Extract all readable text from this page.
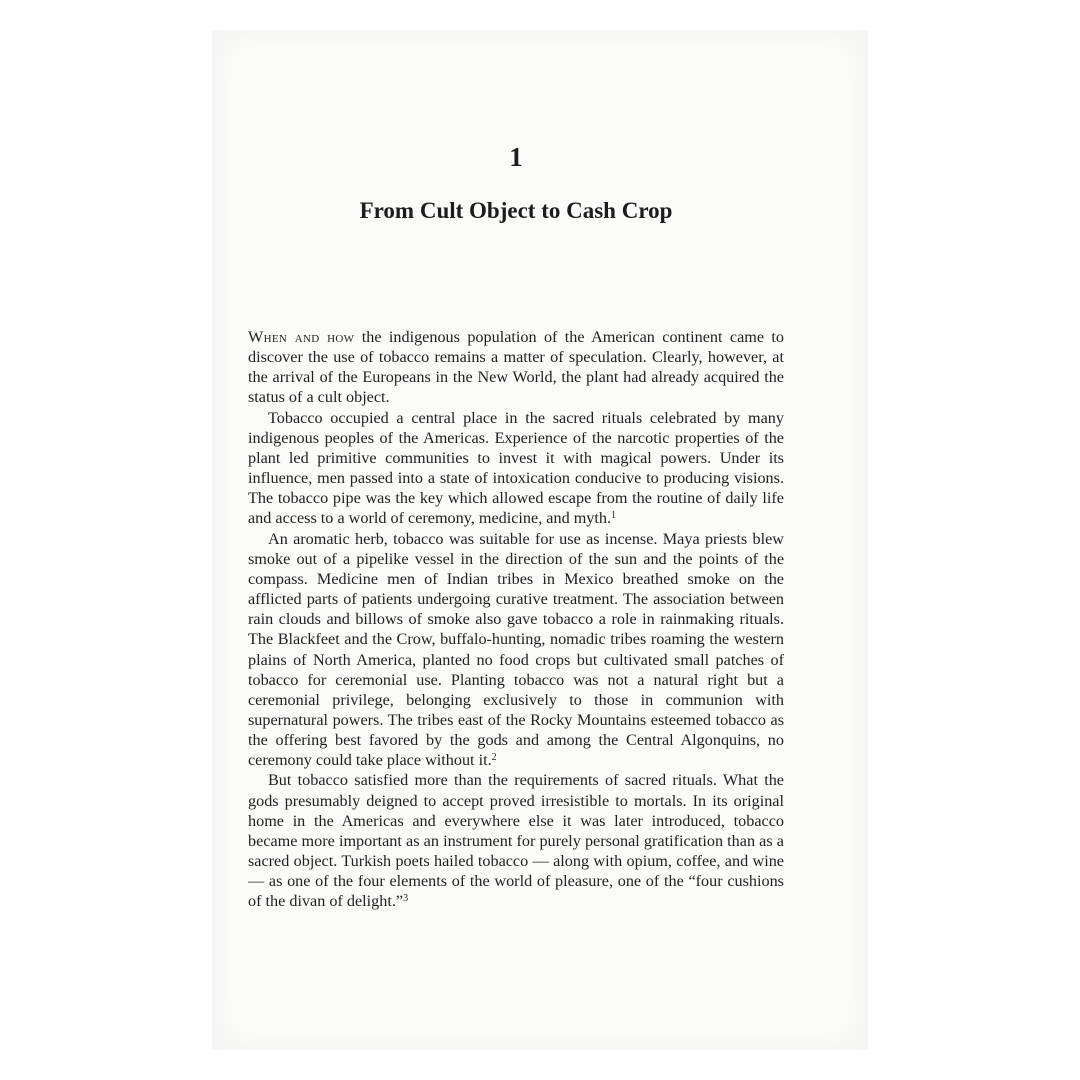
1
From Cult Object to Cash Crop

When and how the indigenous population of the American continent came to discover the use of tobacco remains a matter of speculation. Clearly, however, at the arrival of the Europeans in the New World, the plant had already acquired the status of a cult object.

Tobacco occupied a central place in the sacred rituals celebrated by many indigenous peoples of the Americas. Experience of the narcotic properties of the plant led primitive communities to invest it with magical powers. Under its influence, men passed into a state of intoxication conducive to producing visions. The tobacco pipe was the key which allowed escape from the routine of daily life and access to a world of ceremony, medicine, and myth.$^1$

An aromatic herb, tobacco was suitable for use as incense. Maya priests blew smoke out of a pipelike vessel in the direction of the sun and the points of the compass. Medicine men of Indian tribes in Mexico breathed smoke on the afflicted parts of patients undergoing curative treatment. The association between rain clouds and billows of smoke also gave tobacco a role in rainmaking rituals. The Blackfeet and the Crow, buffalo-hunting, nomadic tribes roaming the western plains of North America, planted no food crops but cultivated small patches of tobacco for ceremonial use. Planting tobacco was not a natural right but a ceremonial privilege, belonging exclusively to those in communion with supernatural powers. The tribes east of the Rocky Mountains esteemed tobacco as the offering best favored by the gods and among the Central Algonquins, no ceremony could take place without it.$^2$

But tobacco satisfied more than the requirements of sacred rituals. What the gods presumably deigned to accept proved irresistible to mortals. In its original home in the Americas and everywhere else it was later introduced, tobacco became more important as an instrument for purely personal gratification than as a sacred object. Turkish poets hailed tobacco — along with opium, coffee, and wine — as one of the four elements of the world of pleasure, one of the “four cushions of the divan of delight.”$^3$
